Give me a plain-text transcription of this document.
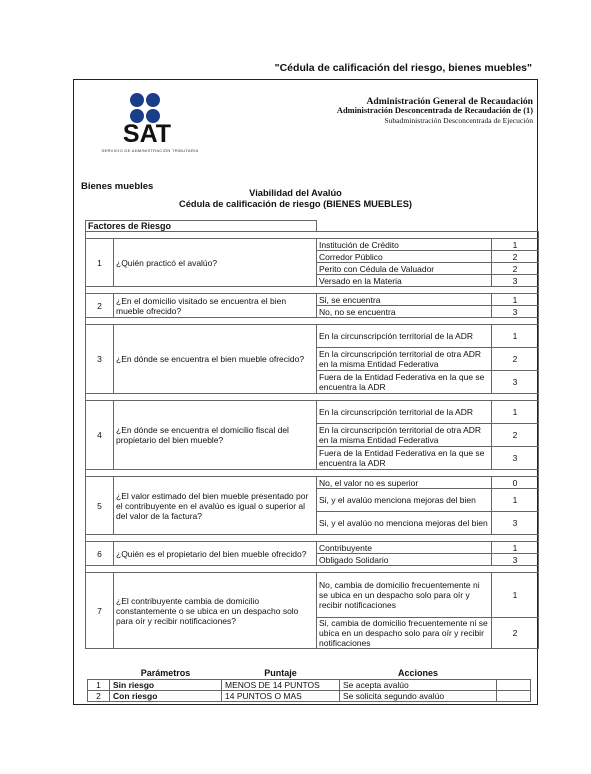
"Cédula de calificación del riesgo, bienes muebles"
SAT
SERVICIO DE ADMINISTRACIÓN TRIBUTARIA
Administración General de Recaudación
Administración Desconcentrada de Recaudación de (1)
Subadministración Desconcentrada de Ejecución
Bienes muebles
Viabilidad del Avalúo
Cédula de calificación de riesgo (BIENES MUEBLES)
Factores de Riesgo			

1	¿Quién practicó el avalúo?	Institución de Crédito	1
		Corredor Público	2
		Perito con Cédula de Valuador	2
		Versado en la Materia	3

2	¿En el domicilio visitado se encuentra el bien mueble ofrecido?	Si, se encuentra	1
		No, no se encuentra	3

3	¿En dónde se encuentra el bien mueble ofrecido?	En la circunscripción territorial de la ADR	1
		En la circunscripción territorial de otra ADR en la misma Entidad Federativa	2
		Fuera de la Entidad Federativa en la que se encuentra la ADR	3

4	¿En dónde se encuentra el domicilio fiscal del propietario del bien mueble?	En la circunscripción territorial de la ADR	1
		En la circunscripción territorial de otra ADR en la misma Entidad Federativa	2
		Fuera de la Entidad Federativa en la que se encuentra la ADR	3

5	¿El valor estimado del bien mueble presentado por el contribuyente en el avalúo es igual o superior al del valor de la factura?	No, el valor no es superior	0
		Si, y el avalúo menciona mejoras del bien	1
		Si, y el avalúo no menciona mejoras del bien	3

6	¿Quién es el propietario del bien mueble ofrecido?	Contribuyente	1
		Obligado Solidario	3

7	¿El contribuyente cambia de domicilio constantemente o se ubica en un despacho solo para oír y recibir notificaciones?	No, cambia de domicilio frecuentemente ni se ubica en un despacho solo para oír y recibir notificaciones	1
		Si, cambia de domicilio frecuentemente ni se ubica en un despacho solo para oír y recibir notificaciones	2
	Parámetros	Puntaje	Acciones	
1	Sin riesgo	MENOS DE 14 PUNTOS	Se acepta avalúo	
2	Con riesgo	14 PUNTOS O MAS	Se solicita segundo avalúo	
